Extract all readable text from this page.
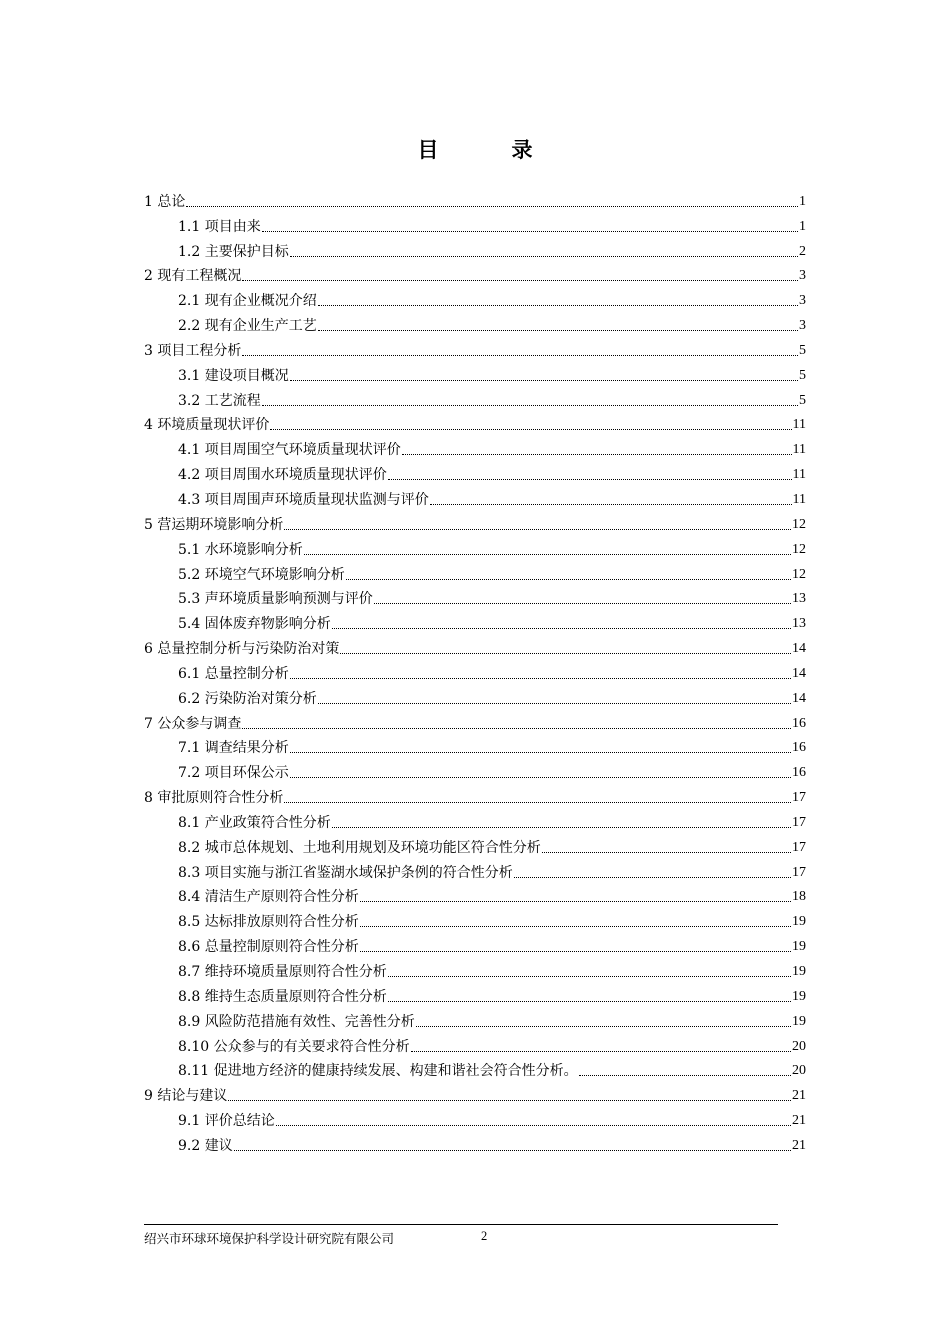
目　录
1 总论	1
1.1 项目由来	1
1.2 主要保护目标	2
2 现有工程概况	3
2.1 现有企业概况介绍	3
2.2 现有企业生产工艺	3
3 项目工程分析	5
3.1 建设项目概况	5
3.2 工艺流程	5
4 环境质量现状评价	11
4.1 项目周围空气环境质量现状评价	11
4.2 项目周围水环境质量现状评价	11
4.3 项目周围声环境质量现状监测与评价	11
5 营运期环境影响分析	12
5.1 水环境影响分析	12
5.2 环境空气环境影响分析	12
5.3 声环境质量影响预测与评价	13
5.4 固体废弃物影响分析	13
6 总量控制分析与污染防治对策	14
6.1 总量控制分析	14
6.2 污染防治对策分析	14
7 公众参与调查	16
7.1 调查结果分析	16
7.2 项目环保公示	16
8 审批原则符合性分析	17
8.1 产业政策符合性分析	17
8.2 城市总体规划、土地利用规划及环境功能区符合性分析	17
8.3 项目实施与浙江省鉴湖水域保护条例的符合性分析	17
8.4 清洁生产原则符合性分析	18
8.5 达标排放原则符合性分析	19
8.6 总量控制原则符合性分析	19
8.7 维持环境质量原则符合性分析	19
8.8 维持生态质量原则符合性分析	19
8.9 风险防范措施有效性、完善性分析	19
8.10 公众参与的有关要求符合性分析	20
8.11 促进地方经济的健康持续发展、构建和谐社会符合性分析。	20
9 结论与建议	21
9.1 评价总结论	21
9.2 建议	21
绍兴市环球环境保护科学设计研究院有限公司	2
